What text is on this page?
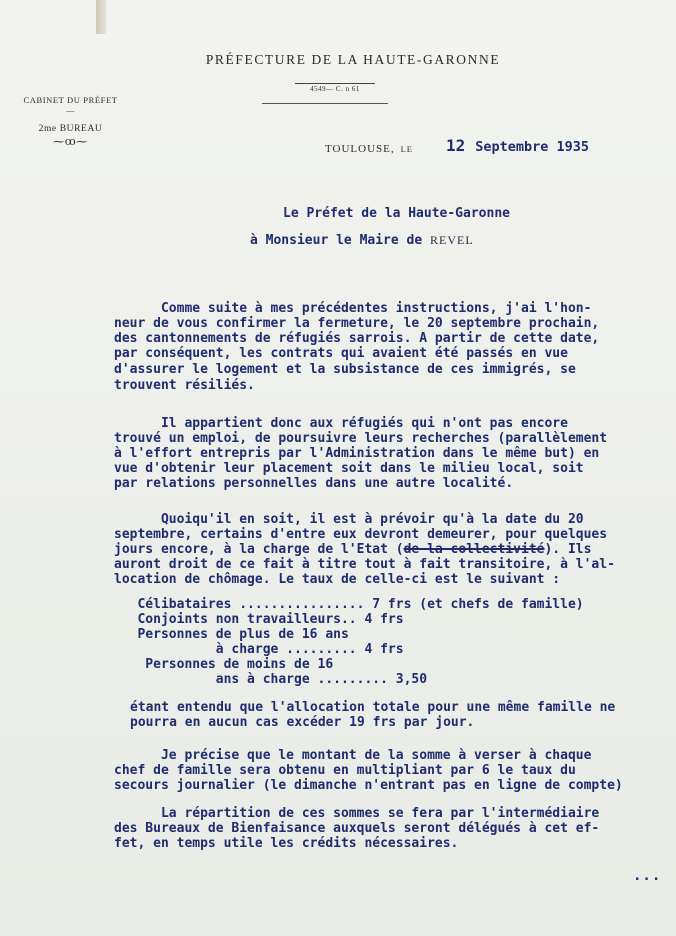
PRÉFECTURE DE LA HAUTE-GARONNE
4549— C. n 61
CABINET DU PRÉFET
—
2me BUREAU
⁓ꝏ⁓
TOULOUSE, LE 12 Septembre 1935
Le Préfet de la Haute-Garonne
à Monsieur le Maire de REVEL
Comme suite à mes précédentes instructions, j'ai l'hon-
neur de vous confirmer la fermeture, le 20 septembre prochain,
des cantonnements de réfugiés sarrois. A partir de cette date,
par conséquent, les contrats qui avaient été passés en vue
d'assurer le logement et la subsistance de ces immigrés, se
trouvent résiliés.
Il appartient donc aux réfugiés qui n'ont pas encore
trouvé un emploi, de poursuivre leurs recherches (parallèlement
à l'effort entrepris par l'Administration dans le même but) en
vue d'obtenir leur placement soit dans le milieu local, soit
par relations personnelles dans une autre localité.
Quoiqu'il en soit, il est à prévoir qu'à la date du 20
septembre, certains d'entre eux devront demeurer, pour quelques
jours encore, à la charge de l'Etat (de la collectivité). Ils
auront droit de ce fait à titre tout à fait transitoire, à l'al-
location de chômage. Le taux de celle-ci est le suivant :
Célibataires ................ 7 frs (et chefs de famille)
Conjoints non travailleurs.. 4 frs
Personnes de plus de 16 ans
à charge ......... 4 frs
Personnes de moins de 16
ans à charge ......... 3,50
étant entendu que l'allocation totale pour une même famille ne
pourra en aucun cas excéder 19 frs par jour.
Je précise que le montant de la somme à verser à chaque
chef de famille sera obtenu en multipliant par 6 le taux du
secours journalier (le dimanche n'entrant pas en ligne de compte)
La répartition de ces sommes se fera par l'intermédiaire
des Bureaux de Bienfaisance auxquels seront délégués à cet ef-
fet, en temps utile les crédits nécessaires.
...
